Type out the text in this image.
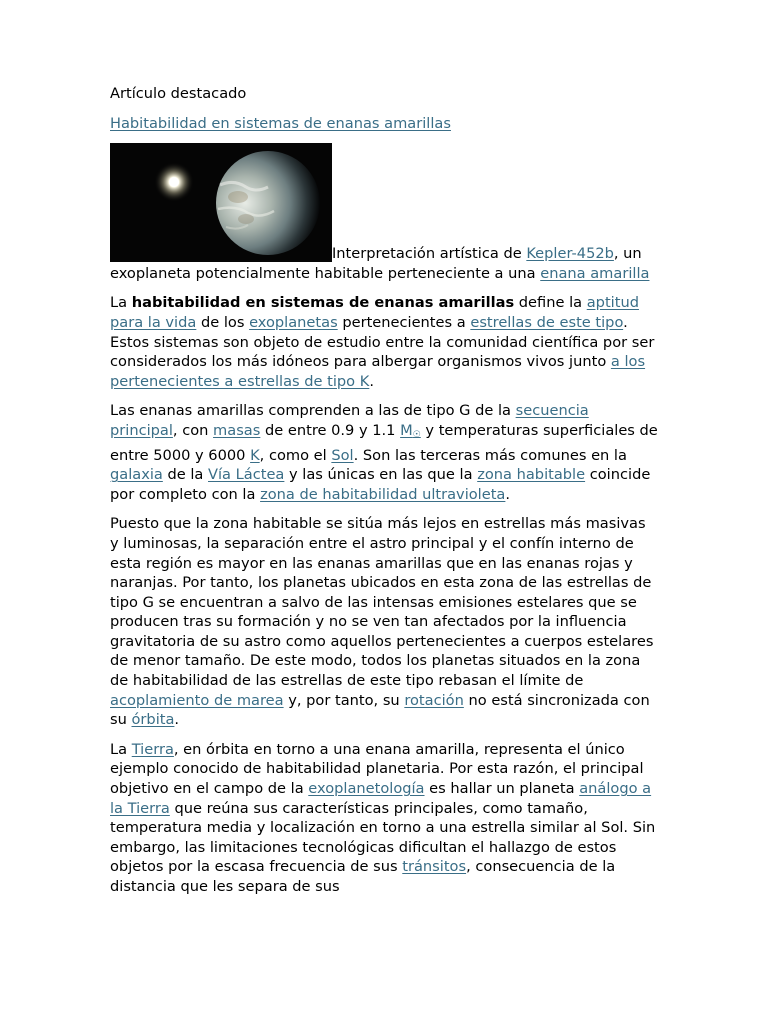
Artículo destacado
Habitabilidad en sistemas de enanas amarillas
Interpretación artística de Kepler-452b, un exoplaneta potencialmente habitable perteneciente a una enana amarilla

La habitabilidad en sistemas de enanas amarillas define la aptitud para la vida de los exoplanetas pertenecientes a estrellas de este tipo. Estos sistemas son objeto de estudio entre la comunidad científica por ser considerados los más idóneos para albergar organismos vivos junto a los pertenecientes a estrellas de tipo K.

Las enanas amarillas comprenden a las de tipo G de la secuencia principal, con masas de entre 0.9 y 1.1 $M_☉$ y temperaturas superficiales de entre 5000 y 6000 K, como el Sol. Son las terceras más comunes en la galaxia de la Vía Láctea y las únicas en las que la zona habitable coincide por completo con la zona de habitabilidad ultravioleta.

Puesto que la zona habitable se sitúa más lejos en estrellas más masivas y luminosas, la separación entre el astro principal y el confín interno de esta región es mayor en las enanas amarillas que en las enanas rojas y naranjas. Por tanto, los planetas ubicados en esta zona de las estrellas de tipo G se encuentran a salvo de las intensas emisiones estelares que se producen tras su formación y no se ven tan afectados por la influencia gravitatoria de su astro como aquellos pertenecientes a cuerpos estelares de menor tamaño. De este modo, todos los planetas situados en la zona de habitabilidad de las estrellas de este tipo rebasan el límite de acoplamiento de marea y, por tanto, su rotación no está sincronizada con su órbita.

La Tierra, en órbita en torno a una enana amarilla, representa el único ejemplo conocido de habitabilidad planetaria. Por esta razón, el principal objetivo en el campo de la exoplanetología es hallar un planeta análogo a la Tierra que reúna sus características principales, como tamaño, temperatura media y localización en torno a una estrella similar al Sol. Sin embargo, las limitaciones tecnológicas dificultan el hallazgo de estos objetos por la escasa frecuencia de sus tránsitos, consecuencia de la distancia que les separa de sus
